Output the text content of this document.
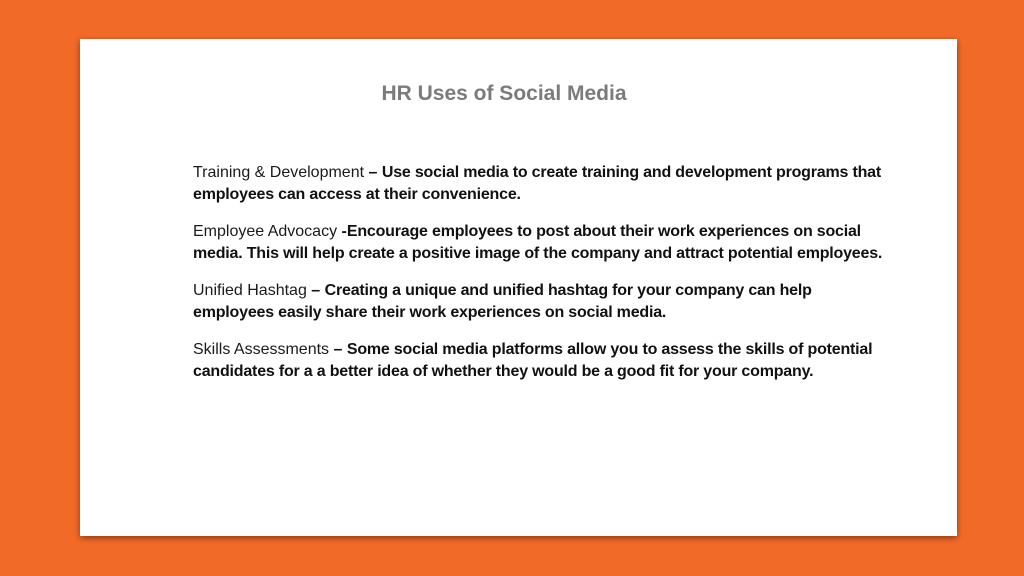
HR Uses of Social Media

Training & Development – Use social media to create training and development programs that employees can access at their convenience.

Employee Advocacy -Encourage employees to post about their work experiences on social media. This will help create a positive image of the company and attract potential employees.

Unified Hashtag – Creating a unique and unified hashtag for your company can help employees easily share their work experiences on social media.

Skills Assessments – Some social media platforms allow you to assess the skills of potential candidates for a a better idea of whether they would be a good fit for your company.
